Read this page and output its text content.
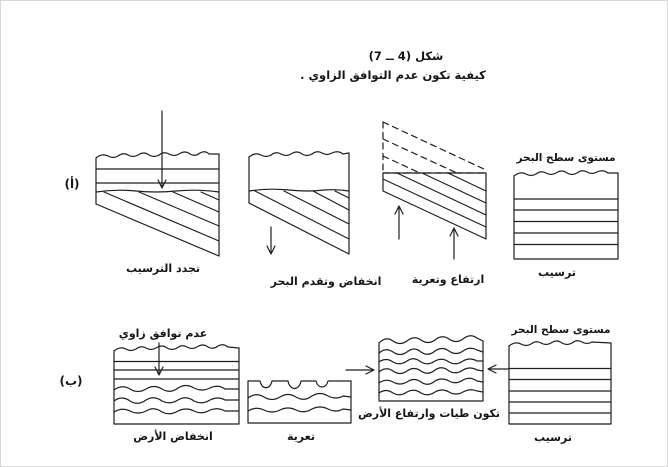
شكل (4 ــ 7)
كيفية تكون عدم التوافق الزاوي .
(أ)
مستوى سطح البحر
ترسيب
ارتفاع وتعرية
انخفاض وتقدم البحر
تجدد الترسيب
(ب)
مستوى سطح البحر
عدم توافق زاوي
ترسيب
تكون طيات وارتفاع الأرض
تعرية
انخفاض الأرض
